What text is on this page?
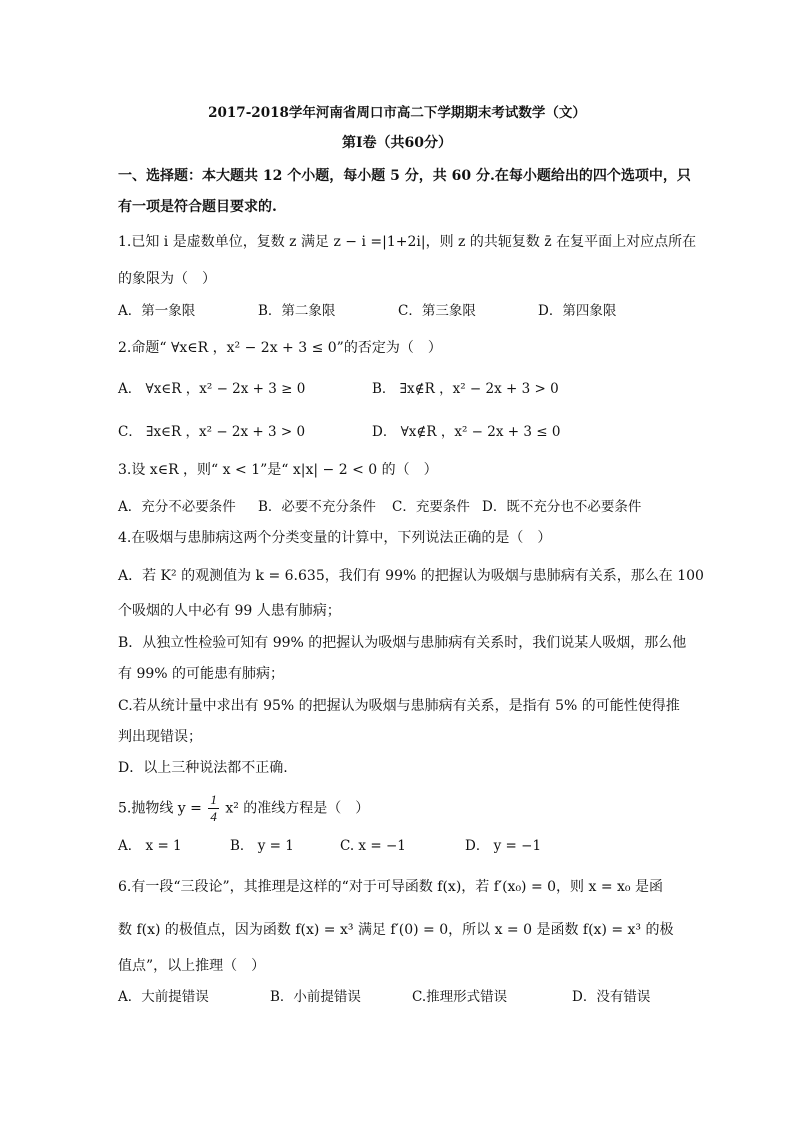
2017-2018学年河南省周口市高二下学期期末考试数学（文）
第Ⅰ卷（共60分）
一、选择题：本大题共 12 个小题，每小题 5 分，共 60 分.在每小题给出的四个选项中，只
有一项是符合题目要求的.
1.已知 i 是虚数单位，复数 z 满足 z − i =|1+2i|，则 z 的共轭复数 z̄ 在复平面上对应点所在
的象限为（　）
A．第一象限	B．第二象限	C．第三象限	D．第四象限
2.命题“ ∀x∈R ，x² − 2x + 3 ≤ 0”的否定为（　）
A． ∀x∈R ，x² − 2x + 3 ≥ 0	B． ∃x∉R ，x² − 2x + 3 > 0
C． ∃x∈R ，x² − 2x + 3 > 0	D． ∀x∉R ，x² − 2x + 3 ≤ 0
3.设 x∈R ，则“ x < 1”是“ x|x| − 2 < 0 的（　）
A．充分不必要条件 B．必要不充分条件 C．充要条件 D．既不充分也不必要条件
4.在吸烟与患肺病这两个分类变量的计算中，下列说法正确的是（　）
A．若 K² 的观测值为 k = 6.635，我们有 99% 的把握认为吸烟与患肺病有关系，那么在 100
个吸烟的人中必有 99 人患有肺病；
B．从独立性检验可知有 99% 的把握认为吸烟与患肺病有关系时，我们说某人吸烟，那么他
有 99% 的可能患有肺病；
C.若从统计量中求出有 95% 的把握认为吸烟与患肺病有关系，是指有 5% 的可能性使得推
判出现错误；
D．以上三种说法都不正确.
5.抛物线 $y = \frac{1}{4} x^2$ 的准线方程是（　）
A． x = 1	B． y = 1	C. x = −1	D． y = −1
6.有一段“三段论”，其推理是这样的“对于可导函数 f(x)，若 f′(x₀) = 0，则 x = x₀ 是函
数 f(x) 的极值点，因为函数 f(x) = x³ 满足 f′(0) = 0，所以 x = 0 是函数 f(x) = x³ 的极
值点”，以上推理（　）
A．大前提错误	B．小前提错误	C.推理形式错误	D．没有错误
